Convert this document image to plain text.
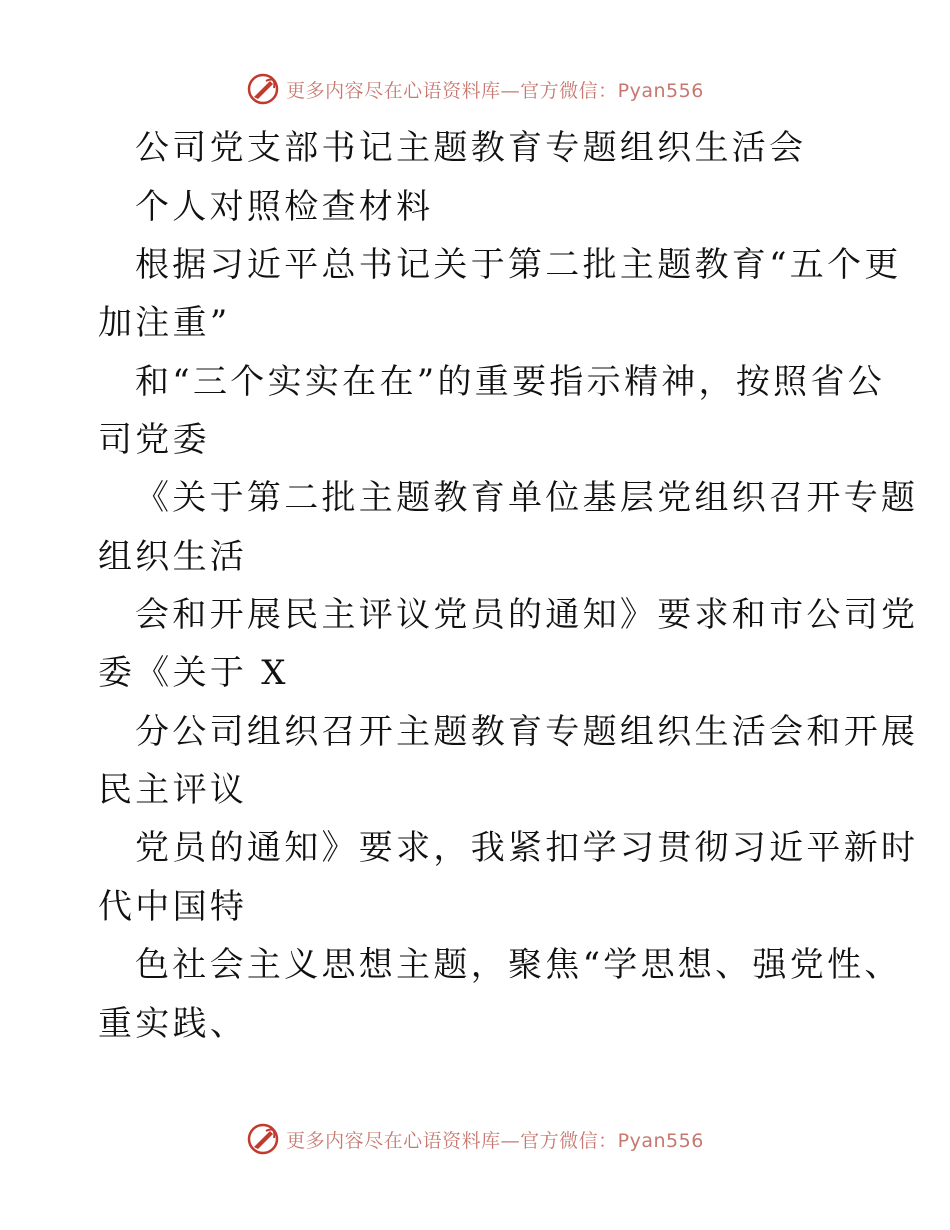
更多内容尽在心语资料库—官方微信：Pyan556

公司党支部书记主题教育专题组织生活会

个人对照检查材料

根据习近平总书记关于第二批主题教育“五个更

加注重”

和“三个实实在在”的重要指示精神，按照省公

司党委

《关于第二批主题教育单位基层党组织召开专题

组织生活

会和开展民主评议党员的通知》要求和市公司党

委《关于 X

分公司组织召开主题教育专题组织生活会和开展

民主评议

党员的通知》要求，我紧扣学习贯彻习近平新时

代中国特

色社会主义思想主题，聚焦“学思想、强党性、

重实践、

更多内容尽在心语资料库—官方微信：Pyan556
